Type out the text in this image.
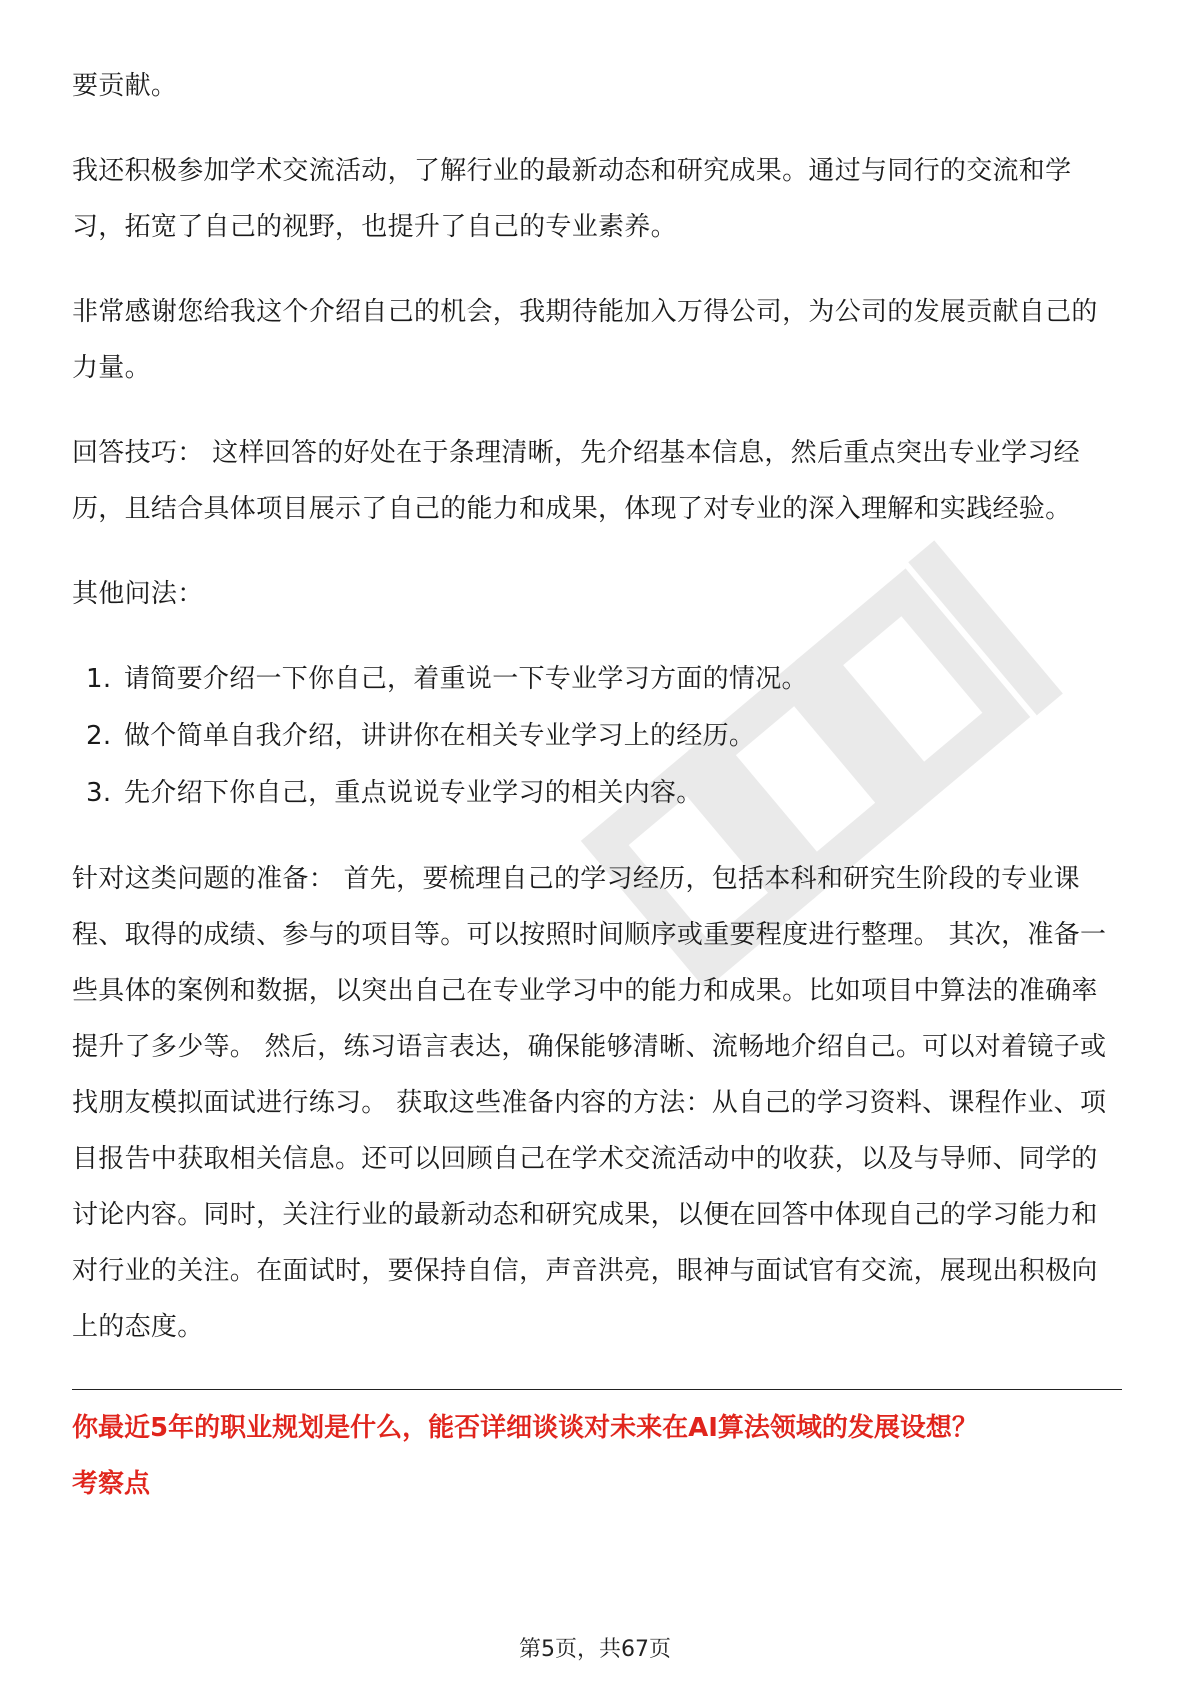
要贡献。

我还积极参加学术交流活动，了解行业的最新动态和研究成果。通过与同行的交流和学习，拓宽了自己的视野，也提升了自己的专业素养。

非常感谢您给我这个介绍自己的机会，我期待能加入万得公司，为公司的发展贡献自己的力量。

回答技巧： 这样回答的好处在于条理清晰，先介绍基本信息，然后重点突出专业学习经历，且结合具体项目展示了自己的能力和成果，体现了对专业的深入理解和实践经验。

其他问法：

1. 请简要介绍一下你自己，着重说一下专业学习方面的情况。
2. 做个简单自我介绍，讲讲你在相关专业学习上的经历。
3. 先介绍下你自己，重点说说专业学习的相关内容。

针对这类问题的准备： 首先，要梳理自己的学习经历，包括本科和研究生阶段的专业课程、取得的成绩、参与的项目等。可以按照时间顺序或重要程度进行整理。 其次，准备一些具体的案例和数据，以突出自己在专业学习中的能力和成果。比如项目中算法的准确率提升了多少等。 然后，练习语言表达，确保能够清晰、流畅地介绍自己。可以对着镜子或找朋友模拟面试进行练习。 获取这些准备内容的方法：从自己的学习资料、课程作业、项目报告中获取相关信息。还可以回顾自己在学术交流活动中的收获，以及与导师、同学的讨论内容。同时，关注行业的最新动态和研究成果，以便在回答中体现自己的学习能力和对行业的关注。在面试时，要保持自信，声音洪亮，眼神与面试官有交流，展现出积极向上的态度。

你最近5年的职业规划是什么，能否详细谈谈对未来在AI算法领域的发展设想？

考察点

第5页，共67页
